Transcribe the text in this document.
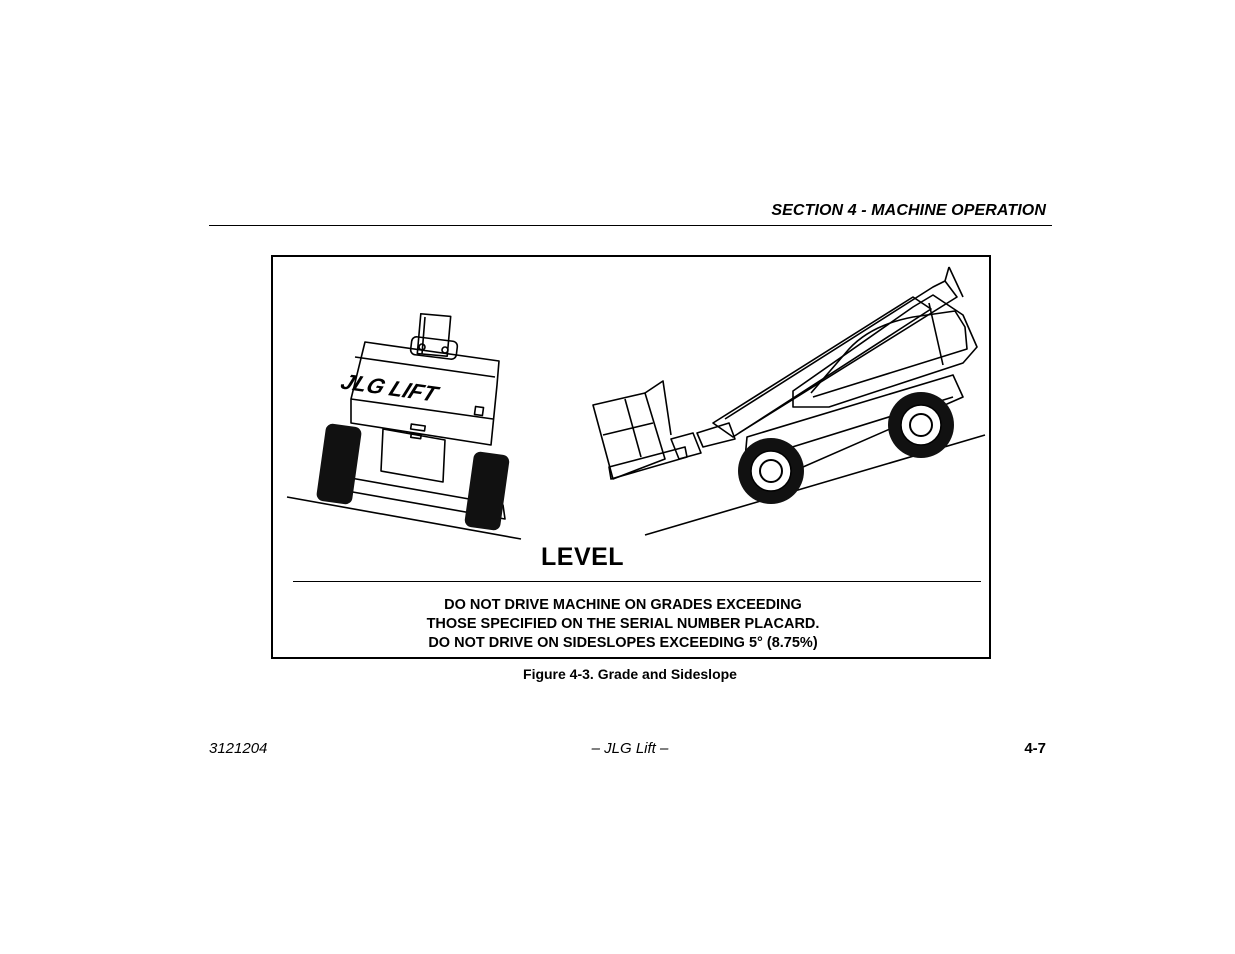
SECTION 4 - MACHINE OPERATION
JLG LIFT
LEVEL
DO NOT DRIVE MACHINE ON GRADES EXCEEDING
THOSE SPECIFIED ON THE SERIAL NUMBER PLACARD.
DO NOT DRIVE ON SIDESLOPES EXCEEDING 5° (8.75%)
Figure 4-3. Grade and Sideslope
3121204	– JLG Lift –	4-7
